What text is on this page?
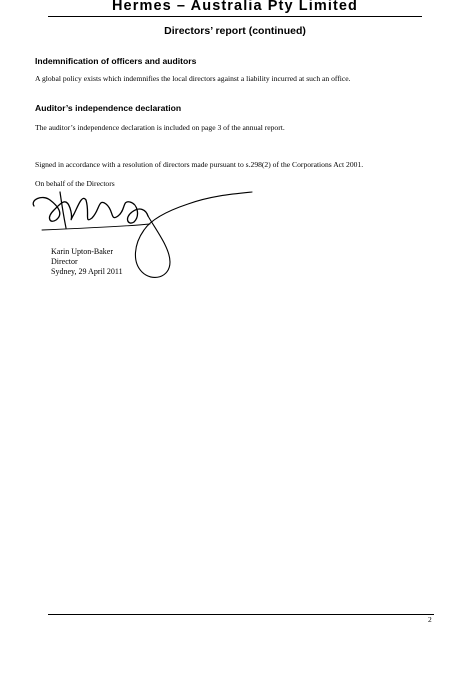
Hermes – Australia Pty Limited
Directors’ report (continued)
Indemnification of officers and auditors
A global policy exists which indemnifies the local directors against a liability incurred at such an office.
Auditor’s independence declaration
The auditor’s independence declaration is included on page 3 of the annual report.
Signed in accordance with a resolution of directors made pursuant to s.298(2) of the Corporations Act 2001.
On behalf of the Directors
Karin Upton-Baker
Director
Sydney, 29 April 2011
2
